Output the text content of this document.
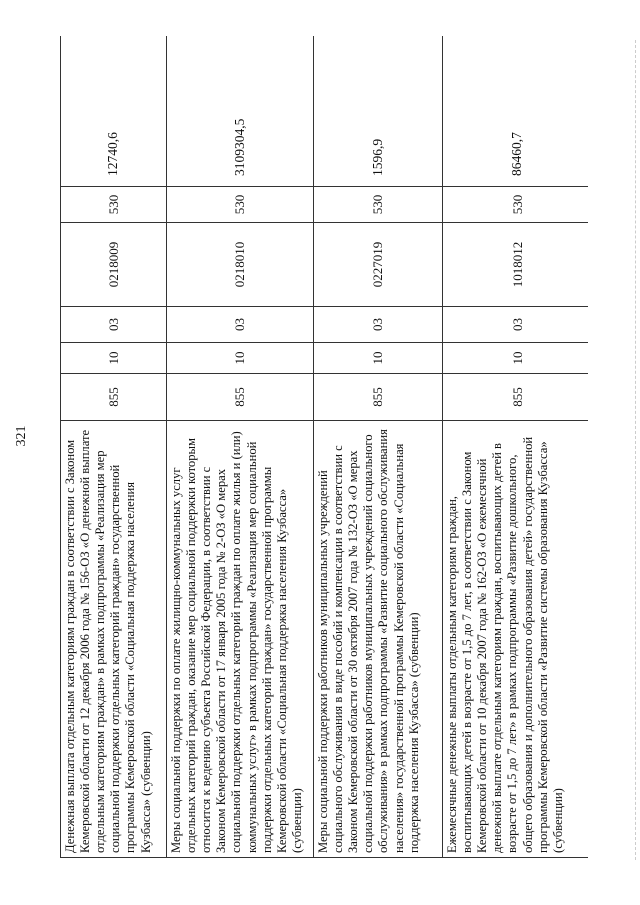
321
Денежная выплата отдельным категориям граждан в соответствии с Законом Кемеровской области от 12 декабря 2006 года № 156-ОЗ «О денежной выплате отдельным категориям граждан» в рамках подпрограммы «Реализация мер социальной поддержки отдельных категорий граждан» государственной программы Кемеровской области «Социальная поддержка населения Кузбасса» (субвенции)	855	10	03	0218009	530	12740,6
Меры социальной поддержки по оплате жилищно-коммунальных услуг отдельных категорий граждан, оказание мер социальной поддержки которым относится к ведению субъекта Российской Федерации, в соответствии с Законом Кемеровской области от 17 января 2005 года № 2-ОЗ «О мерах социальной поддержки отдельных категорий граждан по оплате жилья и (или) коммунальных услуг» в рамках подпрограммы «Реализация мер социальной поддержки отдельных категорий граждан» государственной программы Кемеровской области «Социальная поддержка населения Кузбасса» (субвенции)	855	10	03	0218010	530	3109304,5
Меры социальной поддержки работников муниципальных учреждений социального обслуживания в виде пособий и компенсации в соответствии с Законом Кемеровской области от 30 октября 2007 года № 132-ОЗ «О мерах социальной поддержки работников муниципальных учреждений социального обслуживания» в рамках подпрограммы «Развитие социального обслуживания населения» государственной программы Кемеровской области «Социальная поддержка населения Кузбасса» (субвенции)	855	10	03	0227019	530	1596,9
Ежемесячные денежные выплаты отдельным категориям граждан, воспитывающих детей в возрасте от 1,5 до 7 лет, в соответствии с Законом Кемеровской области от 10 декабря 2007 года № 162-ОЗ «О ежемесячной денежной выплате отдельным категориям граждан, воспитывающих детей в возрасте от 1,5 до 7 лет» в рамках подпрограммы «Развитие дошкольного, общего образования и дополнительного образования детей» государственной программы Кемеровской области «Развитие системы образования Кузбасса» (субвенции)	855	10	03	1018012	530	86460,7
